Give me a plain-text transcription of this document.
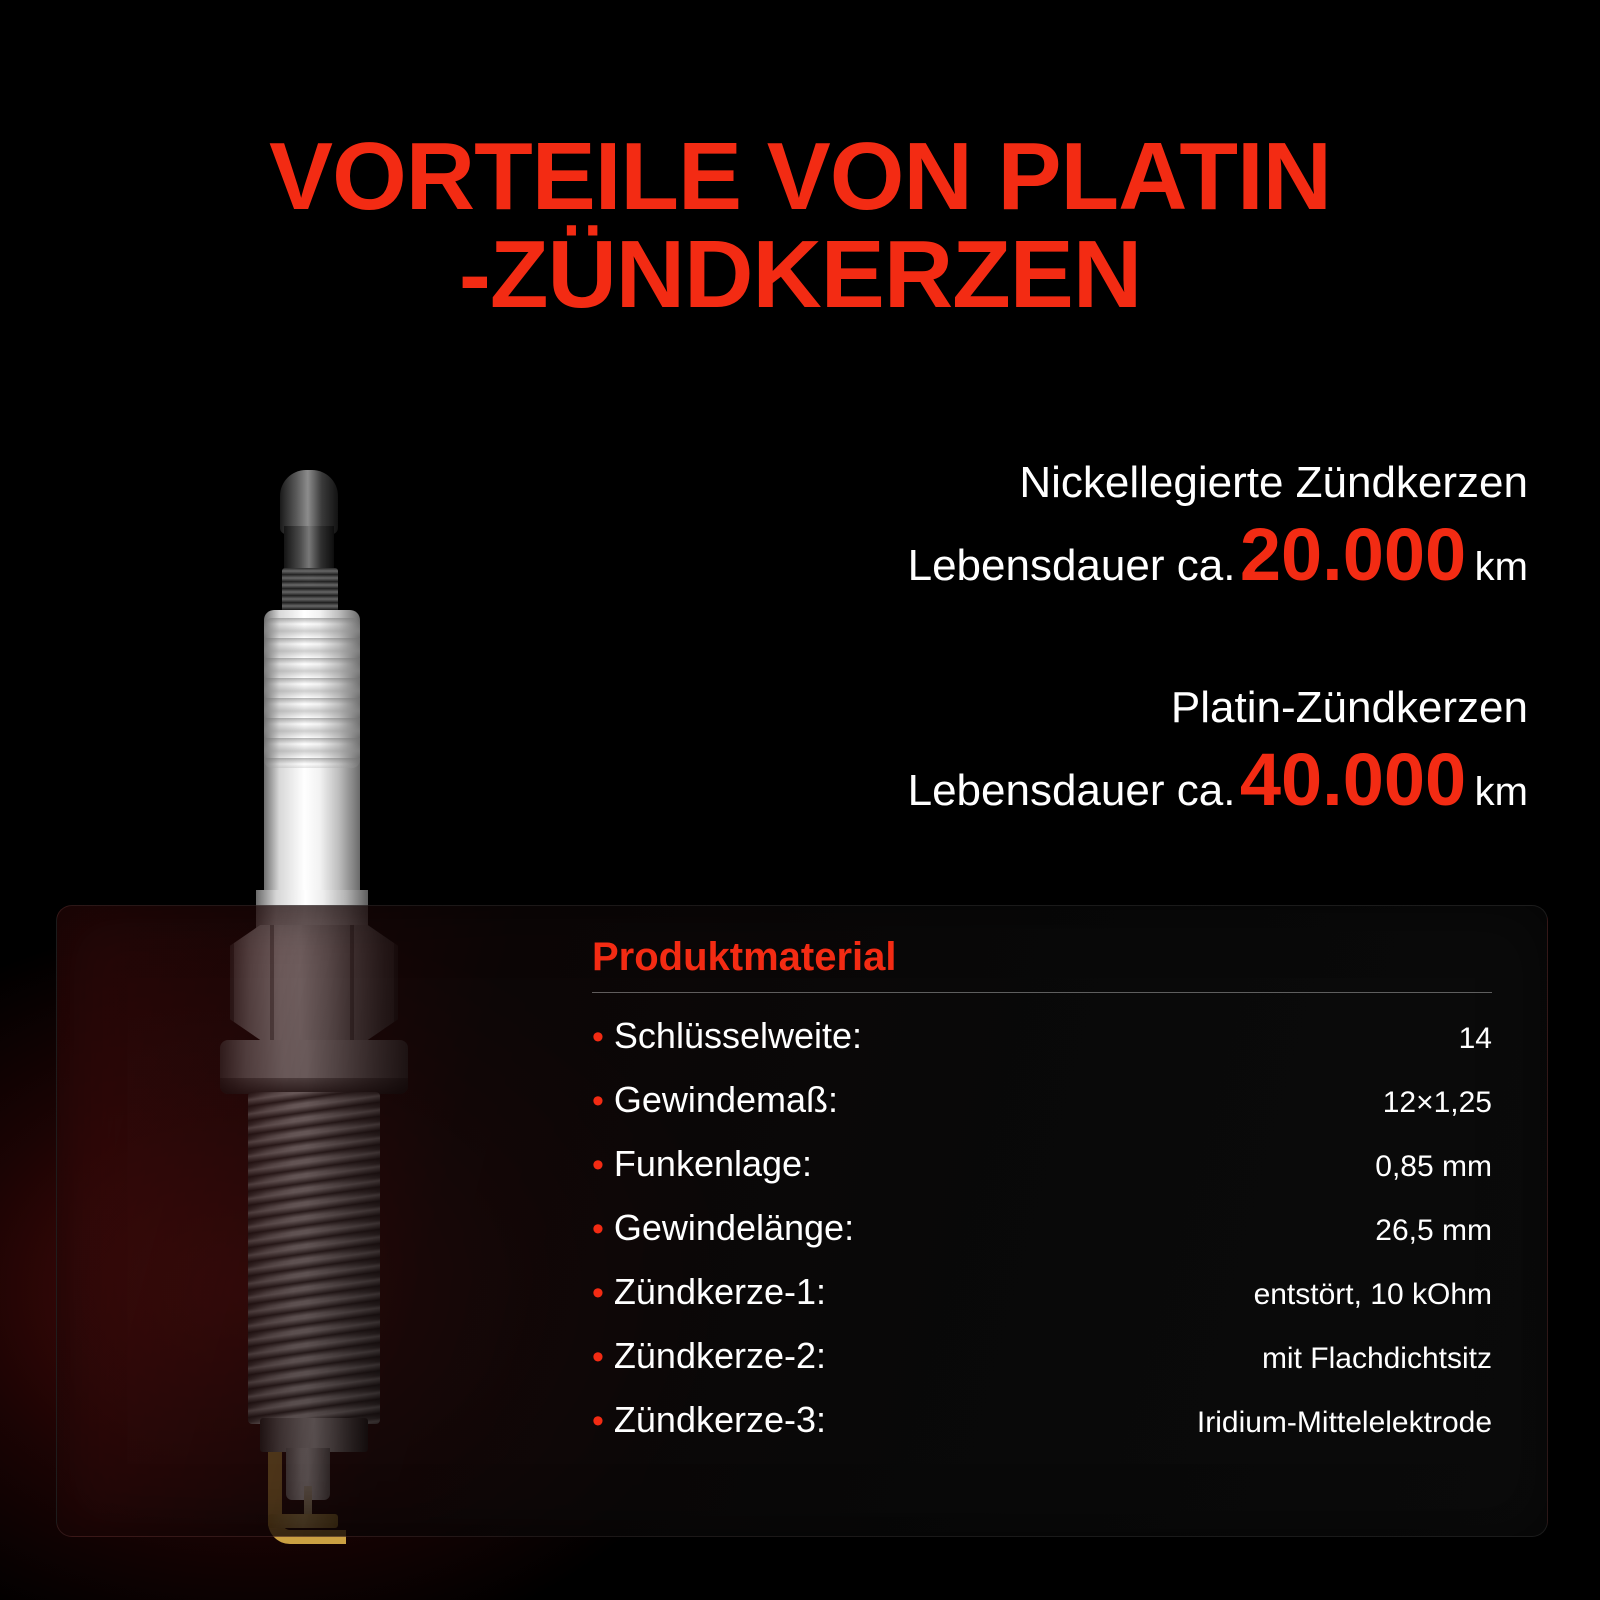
VORTEILE VON PLATIN
-ZÜNDKERZEN
Nickellegierte Zündkerzen
Lebensdauer ca. 20.000 km
Platin-Zündkerzen
Lebensdauer ca. 40.000 km
Produktmaterial
• Schlüsselweite:	14
• Gewindemaß:	12×1,25
• Funkenlage:	0,85 mm
• Gewindelänge:	26,5 mm
• Zündkerze-1:	entstört, 10 kOhm
• Zündkerze-2:	mit Flachdichtsitz
• Zündkerze-3:	Iridium-Mittelelektrode
